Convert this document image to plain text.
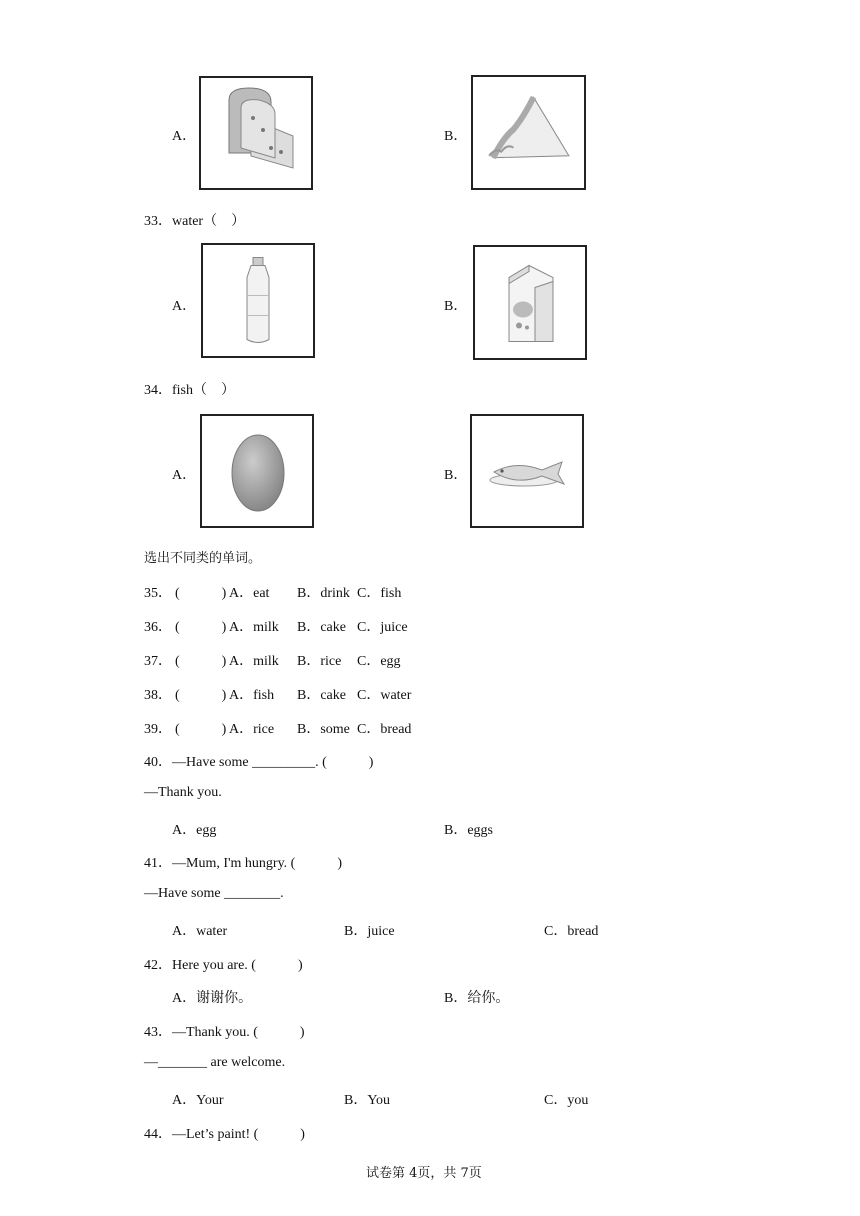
A．	B．
33．water（　）
A．	B．
34．fish（　）
A．	B．
选出不同类的单词。
35． (　　　) A．eat B．drink C．fish
36． (　　　) A．milk B．cake C．juice
37． (　　　) A．milk B．rice C．egg
38． (　　　) A．fish B．cake C．water
39． (　　　) A．rice B．some C．bread
40．—Have some _________. (　　　)
—Thank you.
A．egg	B．eggs
41．—Mum, I'm hungry. (　　　)
—Have some ________.
A．water	B．juice	C．bread
42．Here you are. (　　　)
A．谢谢你。	B．给你。
43．—Thank you. (　　　)
—_______ are welcome.
A．Your	B．You	C．you
44．—Let’s paint! (　　　)
试卷第 4页，共 7页
